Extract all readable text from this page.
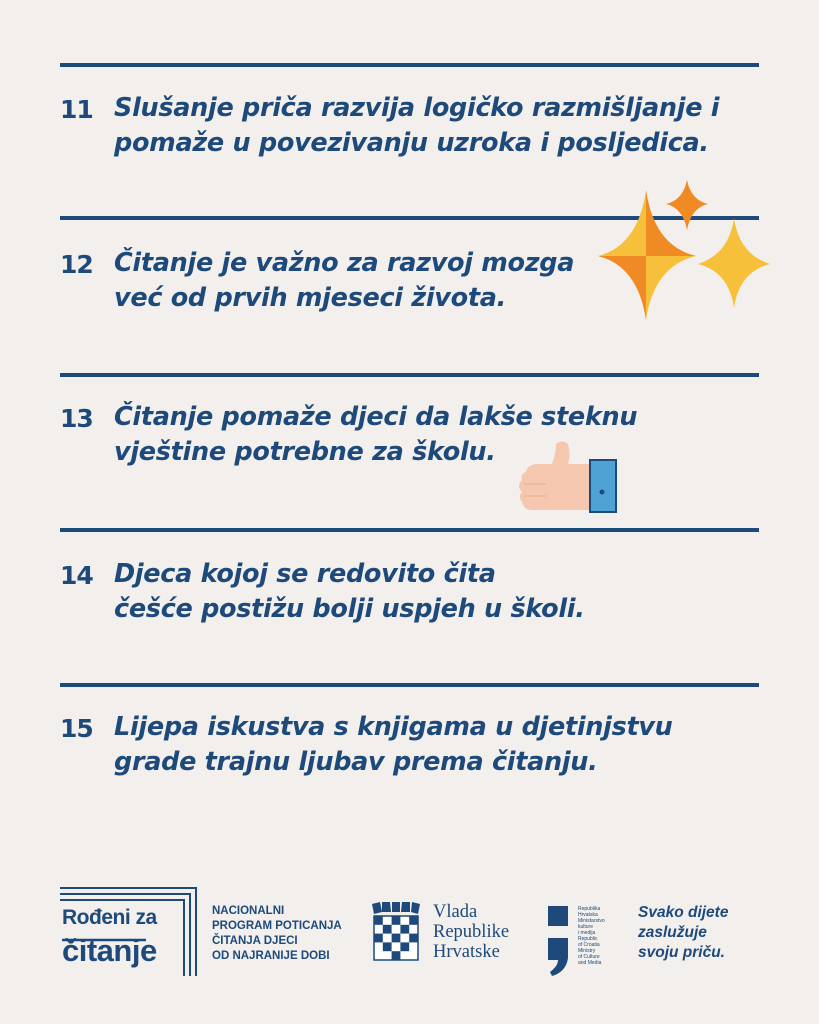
11 Slušanje priča razvija logičko razmišljanje i
pomaže u povezivanju uzroka i posljedica.
12 Čitanje je važno za razvoj mozga
već od prvih mjeseci života.
13 Čitanje pomaže djeci da lakše steknu
vještine potrebne za školu.
14 Djeca kojoj se redovito čita
češće postižu bolji uspjeh u školi.
15 Lijepa iskustva s knjigama u djetinjstvu
grade trajnu ljubav prema čitanju.
Rođeni za
čitanje
NACIONALNI
PROGRAM POTICANJA
ČITANJA DJECI
OD NAJRANIJE DOBI
Vlada
Republike
Hrvatske
Republika
Hrvatska
Ministarstvo
kulture
i medija
Republic
of Croatia
Ministry
of Culture
and Media
Svako dijete
zaslužuje
svoju priču.
